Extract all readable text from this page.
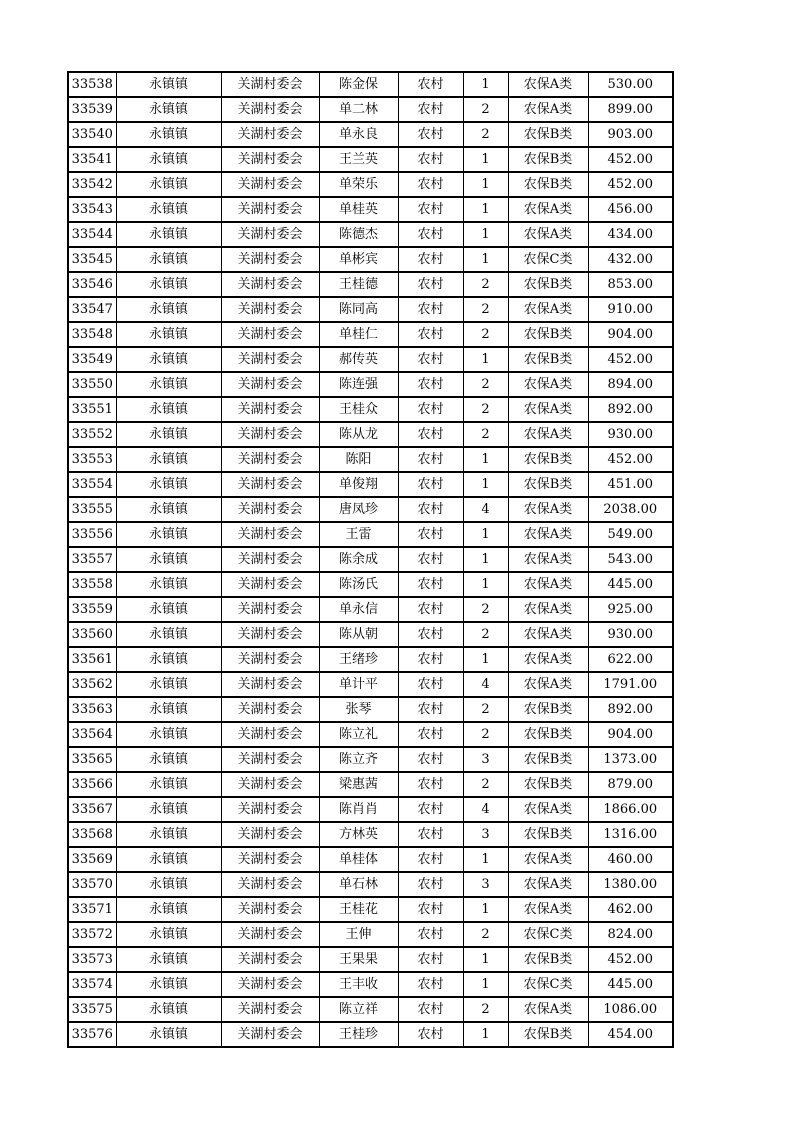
33538	永镇镇	关湖村委会	陈金保	农村	1	农保A类	530.00
33539	永镇镇	关湖村委会	单二林	农村	2	农保A类	899.00
33540	永镇镇	关湖村委会	单永良	农村	2	农保B类	903.00
33541	永镇镇	关湖村委会	王兰英	农村	1	农保B类	452.00
33542	永镇镇	关湖村委会	单荣乐	农村	1	农保B类	452.00
33543	永镇镇	关湖村委会	单桂英	农村	1	农保A类	456.00
33544	永镇镇	关湖村委会	陈德杰	农村	1	农保A类	434.00
33545	永镇镇	关湖村委会	单彬宾	农村	1	农保C类	432.00
33546	永镇镇	关湖村委会	王桂德	农村	2	农保B类	853.00
33547	永镇镇	关湖村委会	陈同高	农村	2	农保A类	910.00
33548	永镇镇	关湖村委会	单桂仁	农村	2	农保B类	904.00
33549	永镇镇	关湖村委会	郝传英	农村	1	农保B类	452.00
33550	永镇镇	关湖村委会	陈连强	农村	2	农保A类	894.00
33551	永镇镇	关湖村委会	王桂众	农村	2	农保A类	892.00
33552	永镇镇	关湖村委会	陈从龙	农村	2	农保A类	930.00
33553	永镇镇	关湖村委会	陈阳	农村	1	农保B类	452.00
33554	永镇镇	关湖村委会	单俊翔	农村	1	农保B类	451.00
33555	永镇镇	关湖村委会	唐凤珍	农村	4	农保A类	2038.00
33556	永镇镇	关湖村委会	王雷	农村	1	农保A类	549.00
33557	永镇镇	关湖村委会	陈余成	农村	1	农保A类	543.00
33558	永镇镇	关湖村委会	陈汤氏	农村	1	农保A类	445.00
33559	永镇镇	关湖村委会	单永信	农村	2	农保A类	925.00
33560	永镇镇	关湖村委会	陈从朝	农村	2	农保A类	930.00
33561	永镇镇	关湖村委会	王绪珍	农村	1	农保A类	622.00
33562	永镇镇	关湖村委会	单计平	农村	4	农保A类	1791.00
33563	永镇镇	关湖村委会	张琴	农村	2	农保B类	892.00
33564	永镇镇	关湖村委会	陈立礼	农村	2	农保B类	904.00
33565	永镇镇	关湖村委会	陈立齐	农村	3	农保B类	1373.00
33566	永镇镇	关湖村委会	梁惠茜	农村	2	农保B类	879.00
33567	永镇镇	关湖村委会	陈肖肖	农村	4	农保A类	1866.00
33568	永镇镇	关湖村委会	方林英	农村	3	农保B类	1316.00
33569	永镇镇	关湖村委会	单桂体	农村	1	农保A类	460.00
33570	永镇镇	关湖村委会	单石林	农村	3	农保A类	1380.00
33571	永镇镇	关湖村委会	王桂花	农村	1	农保A类	462.00
33572	永镇镇	关湖村委会	王伸	农村	2	农保C类	824.00
33573	永镇镇	关湖村委会	王果果	农村	1	农保B类	452.00
33574	永镇镇	关湖村委会	王丰收	农村	1	农保C类	445.00
33575	永镇镇	关湖村委会	陈立祥	农村	2	农保A类	1086.00
33576	永镇镇	关湖村委会	王桂珍	农村	1	农保B类	454.00
